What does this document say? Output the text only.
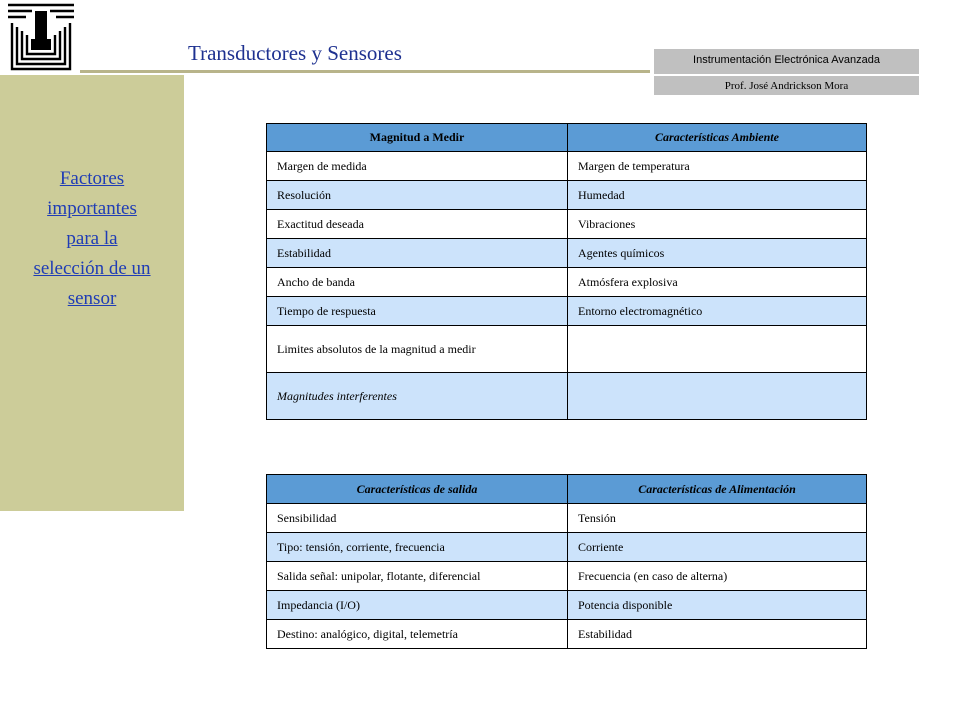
Transductores y Sensores	Instrumentación Electrónica Avanzada
Prof. José Andrickson Mora
Factores
importantes
para la
selección de un
sensor
Magnitud a Medir	Características Ambiente
Margen de medida	Margen de temperatura
Resolución	Humedad
Exactitud deseada	Vibraciones
Estabilidad	Agentes químicos
Ancho de banda	Atmósfera explosiva
Tiempo de respuesta	Entorno electromagnético
Limites absolutos de la magnitud a medir	
Magnitudes interferentes	
Características de salida	Características de Alimentación
Sensibilidad	Tensión
Tipo: tensión, corriente, frecuencia	Corriente
Salida señal: unipolar, flotante, diferencial	Frecuencia (en caso de alterna)
Impedancia (I/O)	Potencia disponible
Destino: analógico, digital, telemetría	Estabilidad
